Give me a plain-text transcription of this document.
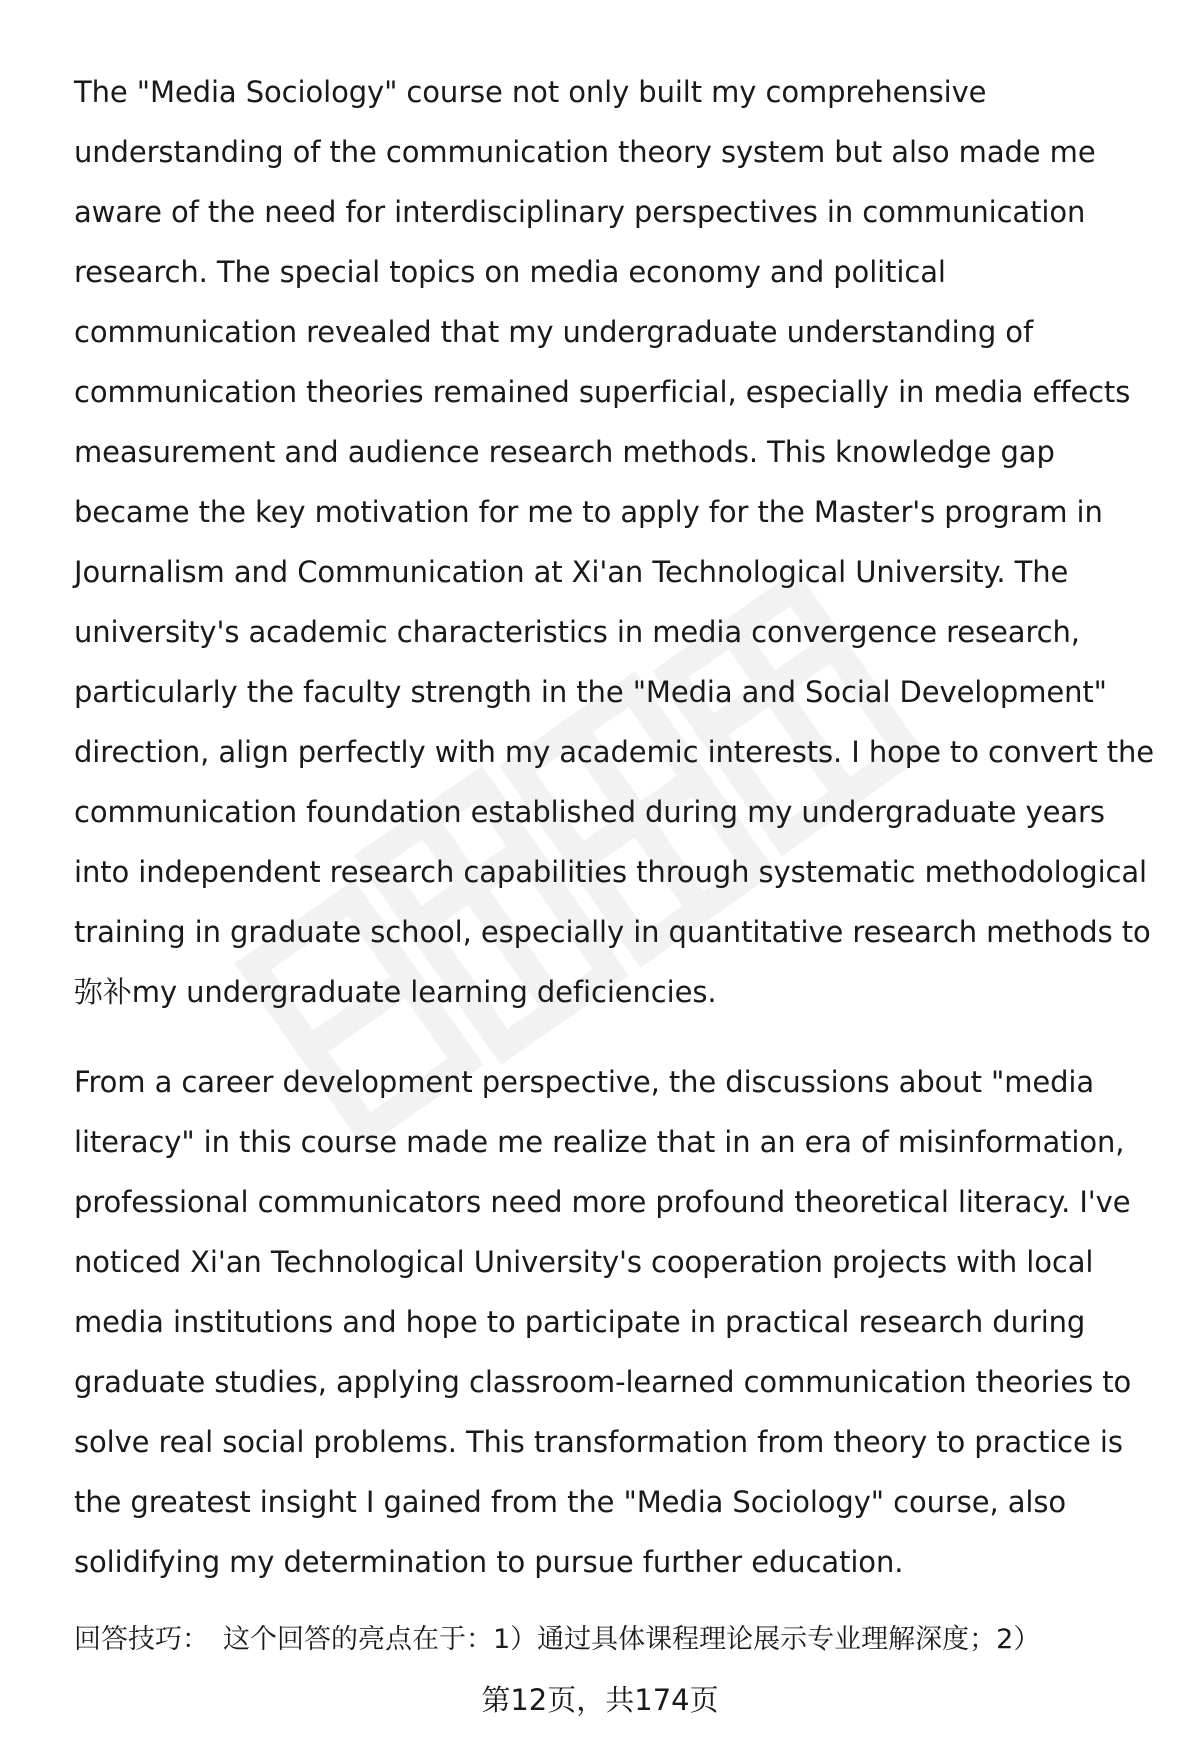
The "Media Sociology" course not only built my comprehensive understanding of the communication theory system but also made me aware of the need for interdisciplinary perspectives in communication research. The special topics on media economy and political communication revealed that my undergraduate understanding of communication theories remained superficial, especially in media effects measurement and audience research methods. This knowledge gap became the key motivation for me to apply for the Master's program in Journalism and Communication at Xi'an Technological University. The university's academic characteristics in media convergence research, particularly the faculty strength in the "Media and Social Development" direction, align perfectly with my academic interests. I hope to convert the communication foundation established during my undergraduate years into independent research capabilities through systematic methodological training in graduate school, especially in quantitative research methods to弥补my undergraduate learning deficiencies.

From a career development perspective, the discussions about "media literacy" in this course made me realize that in an era of misinformation, professional communicators need more profound theoretical literacy. I've noticed Xi'an Technological University's cooperation projects with local media institutions and hope to participate in practical research during graduate studies, applying classroom-learned communication theories to solve real social problems. This transformation from theory to practice is the greatest insight I gained from the "Media Sociology" course, also solidifying my determination to pursue further education.

回答技巧： 这个回答的亮点在于：1）通过具体课程理论展示专业理解深度；2）
第12页，共174页
